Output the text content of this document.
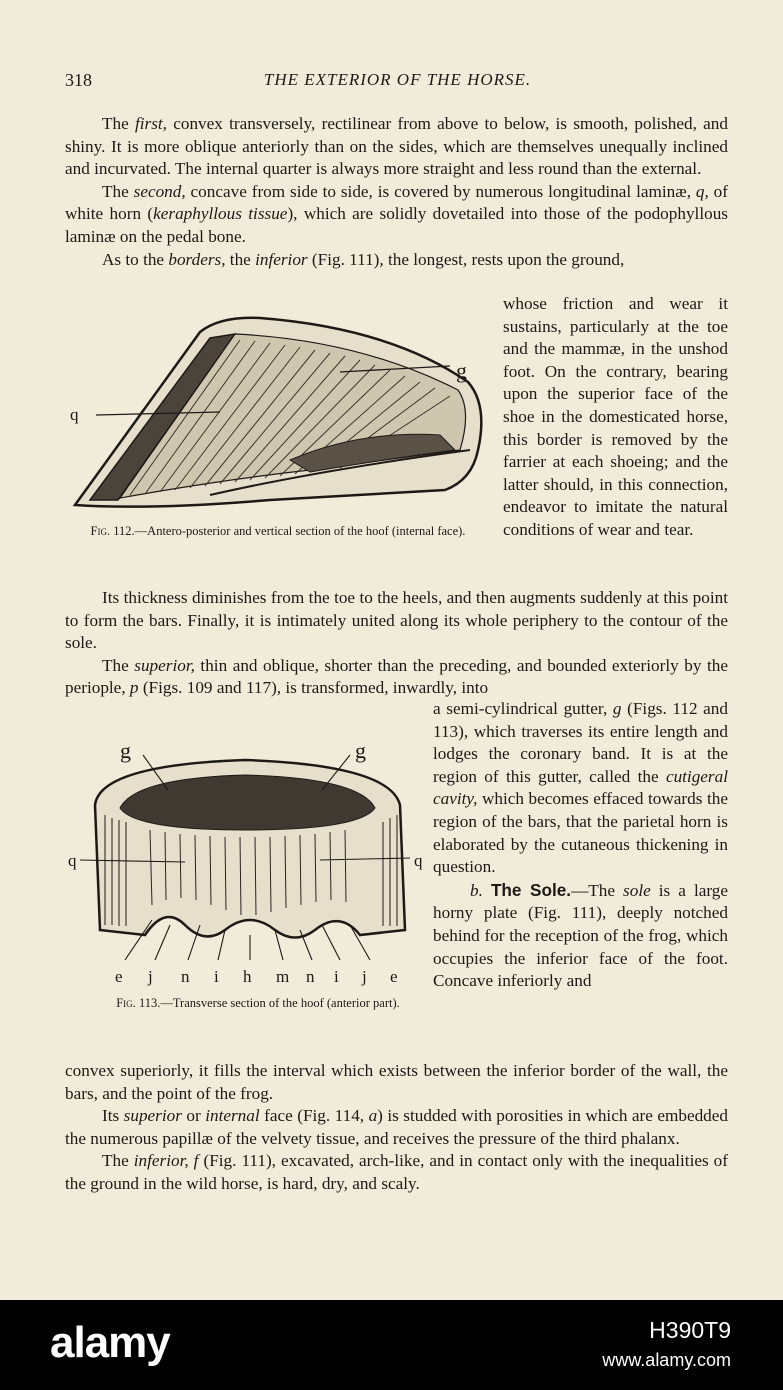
318	THE EXTERIOR OF THE HORSE.

The first, convex transversely, rectilinear from above to below, is smooth, polished, and shiny. It is more oblique anteriorly than on the sides, which are themselves unequally inclined and incurvated. The internal quarter is always more straight and less round than the external.

The second, concave from side to side, is covered by numerous longitudinal laminæ, q, of white horn (keraphyllous tissue), which are solidly dovetailed into those of the podophyllous laminæ on the pedal bone.

As to the borders, the inferior (Fig. 111), the longest, rests upon the ground,

q
g
Fig. 112.—Antero-posterior and vertical section of the hoof (internal face).

whose friction and wear it sustains, particularly at the toe and the mammæ, in the unshod foot. On the contrary, bearing upon the superior face of the shoe in the domesticated horse, this border is removed by the farrier at each shoeing; and the latter should, in this connection, endeavor to imitate the natural conditions of wear and tear.

Its thickness diminishes from the toe to the heels, and then augments suddenly at this point to form the bars. Finally, it is intimately united along its whole periphery to the contour of the sole.

The superior, thin and oblique, shorter than the preceding, and bounded exteriorly by the periople, p (Figs. 109 and 117), is transformed, inwardly, into

g	g
q	q
e j n i h m n i j e
Fig. 113.—Transverse section of the hoof (anterior part).

a semi-cylindrical gutter, g (Figs. 112 and 113), which traverses its entire length and lodges the coronary band. It is at the region of this gutter, called the cutigeral cavity, which becomes effaced towards the region of the bars, that the parietal horn is elaborated by the cutaneous thickening in question.

b. The Sole.—The sole is a large horny plate (Fig. 111), deeply notched behind for the reception of the frog, which occupies the inferior face of the foot. Concave inferiorly and

convex superiorly, it fills the interval which exists between the inferior border of the wall, the bars, and the point of the frog.

Its superior or internal face (Fig. 114, a) is studded with porosities in which are embedded the numerous papillæ of the velvety tissue, and receives the pressure of the third phalanx.

The inferior, f (Fig. 111), excavated, arch-like, and in contact only with the inequalities of the ground in the wild horse, is hard, dry, and scaly.

alamy	H390T9
www.alamy.com
